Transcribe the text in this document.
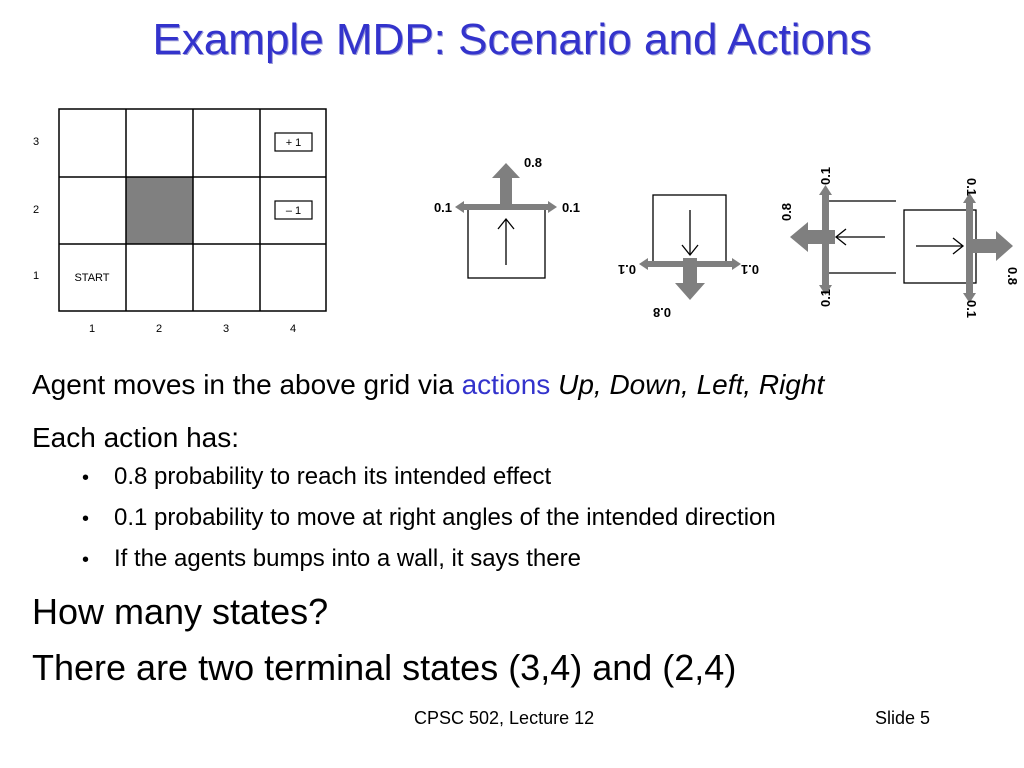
Example MDP: Scenario and Actions
+ 1
– 1
START
3
2
1
1	2	3	4
0.8
0.1	0.1
0.8
0.1	0.1
0.8
0.1
0.1
0.8
0.1
0.1
Agent moves in the above grid via actions Up, Down, Left, Right
Each action has:
• 0.8 probability to reach its intended effect
• 0.1 probability to move at right angles of the intended direction
• If the agents bumps into a wall, it says there
How many states?
There are two terminal states (3,4) and (2,4)
CPSC 502, Lecture 12	Slide 5
